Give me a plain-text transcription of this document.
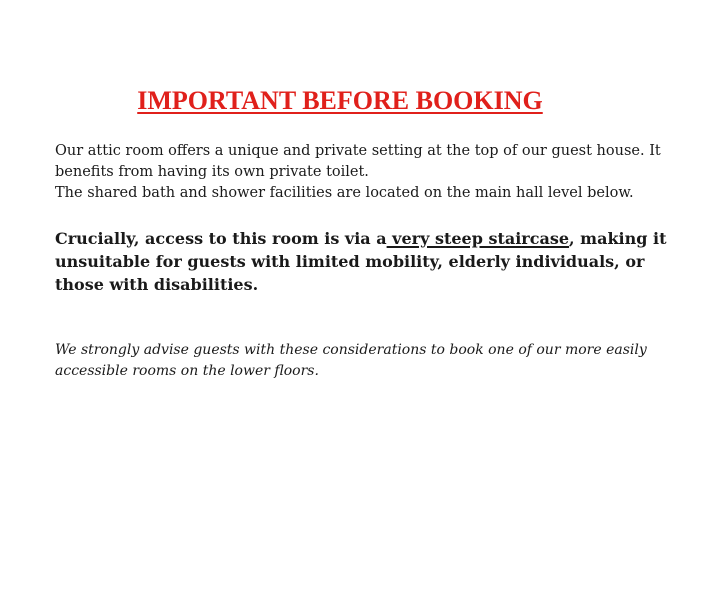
IMPORTANT BEFORE BOOKING

Our attic room offers a unique and private setting at the top of our guest house. It benefits from having its own private toilet.
The shared bath and shower facilities are located on the main hall level below.

Crucially, access to this room is via a very steep staircase, making it unsuitable for guests with limited mobility, elderly individuals, or those with disabilities.

We strongly advise guests with these considerations to book one of our more easily accessible rooms on the lower floors.
